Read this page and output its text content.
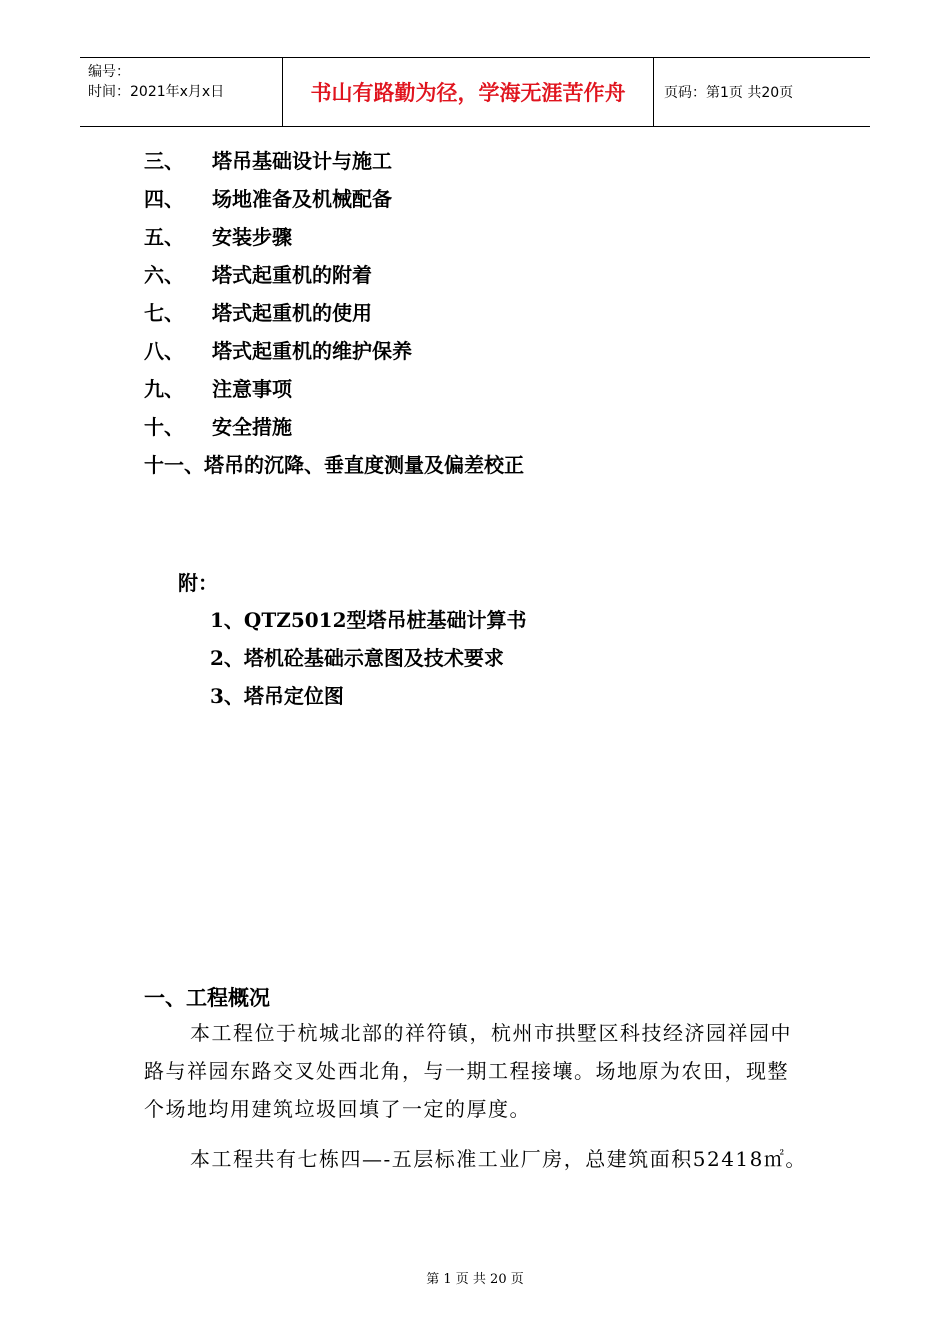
编号：
时间：2021年x月x日	书山有路勤为径，学海无涯苦作舟	页码：第1页 共20页
三、 塔吊基础设计与施工
四、 场地准备及机械配备
五、 安装步骤
六、 塔式起重机的附着
七、 塔式起重机的使用
八、 塔式起重机的维护保养
九、 注意事项
十、 安全措施
十一、塔吊的沉降、垂直度测量及偏差校正
附：
1、QTZ5012型塔吊桩基础计算书
2、塔机砼基础示意图及技术要求
3、塔吊定位图
一、工程概况

本工程位于杭城北部的祥符镇，杭州市拱墅区科技经济园祥园中路与祥园东路交叉处西北角，与一期工程接壤。场地原为农田，现整个场地均用建筑垃圾回填了一定的厚度。

本工程共有七栋四—-五层标准工业厂房，总建筑面积52418㎡。

第 1 页 共 20 页
